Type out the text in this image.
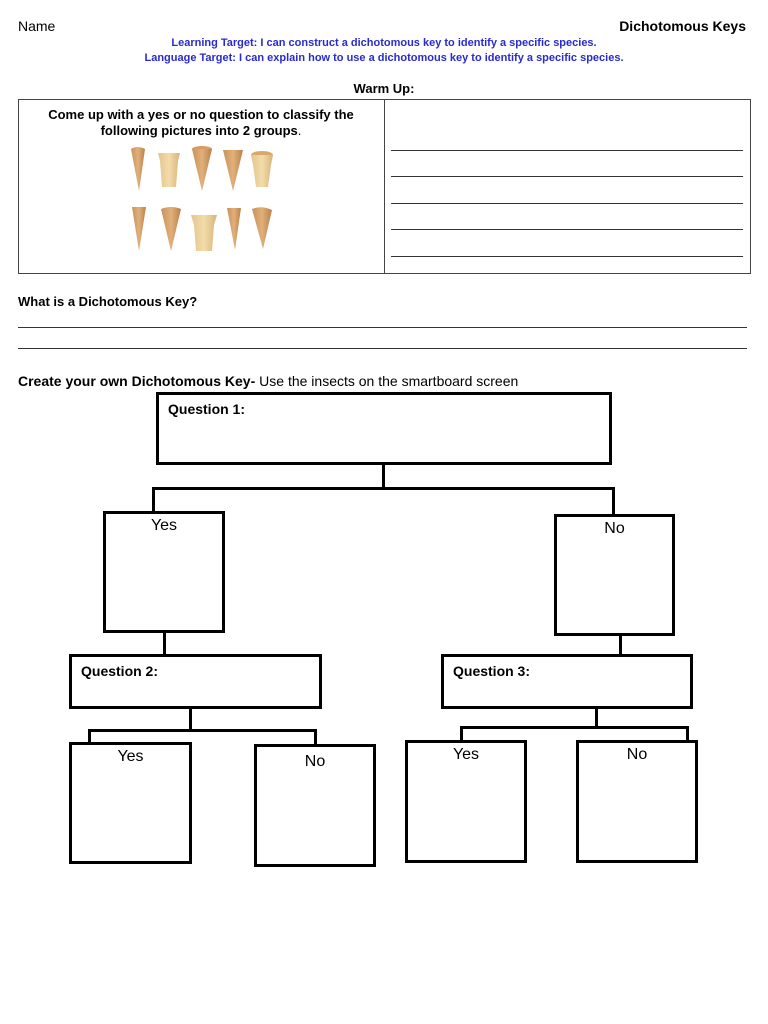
Name	Dichotomous Keys
Learning Target: I can construct a dichotomous key to identify a specific species.
Language Target: I can explain how to use a dichotomous key to identify a specific species.
Warm Up:
Come up with a yes or no question to classify the following pictures into 2 groups.
What is a Dichotomous Key?
Create your own Dichotomous Key- Use the insects on the smartboard screen
Question 1:
Yes	No
Question 2:	Question 3:
Yes	No	Yes	No
